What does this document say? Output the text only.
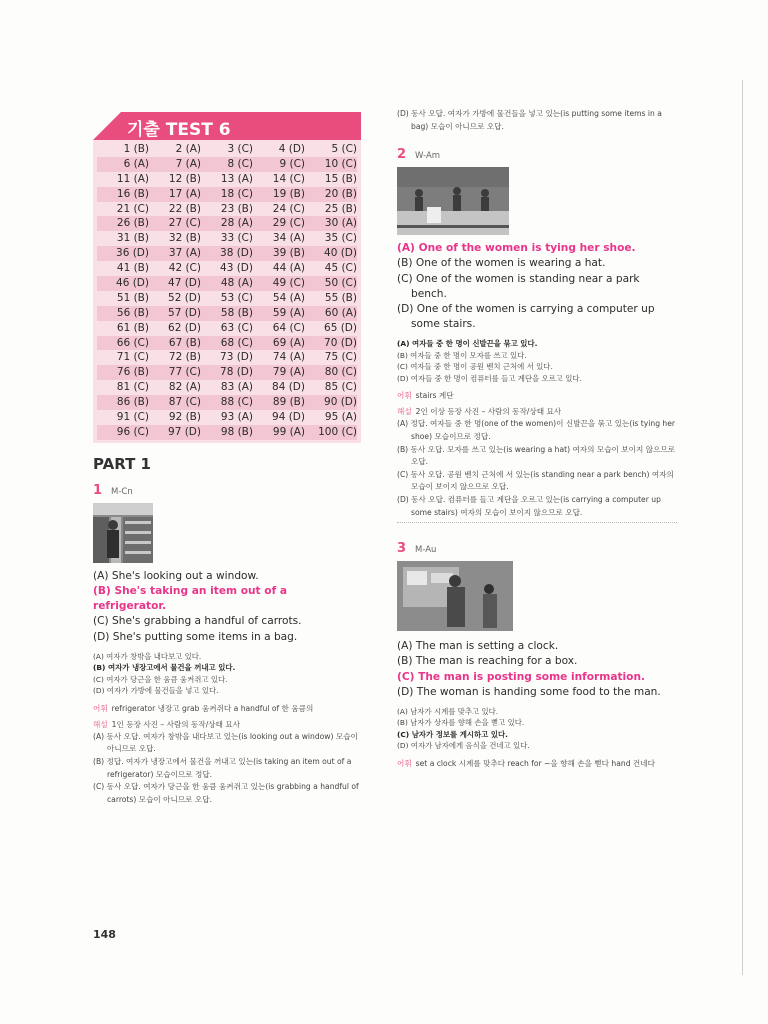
기출 TEST 6
1 (B)	2 (A)	3 (C)	4 (D)	5 (C)
6 (A)	7 (A)	8 (C)	9 (C)	10 (C)
11 (A)	12 (B)	13 (A)	14 (C)	15 (B)
16 (B)	17 (A)	18 (C)	19 (B)	20 (B)
21 (C)	22 (B)	23 (B)	24 (C)	25 (B)
26 (B)	27 (C)	28 (A)	29 (C)	30 (A)
31 (B)	32 (B)	33 (C)	34 (A)	35 (C)
36 (D)	37 (A)	38 (D)	39 (B)	40 (D)
41 (B)	42 (C)	43 (D)	44 (A)	45 (C)
46 (D)	47 (D)	48 (A)	49 (C)	50 (C)
51 (B)	52 (D)	53 (C)	54 (A)	55 (B)
56 (B)	57 (D)	58 (B)	59 (A)	60 (A)
61 (B)	62 (D)	63 (C)	64 (C)	65 (D)
66 (C)	67 (B)	68 (C)	69 (A)	70 (D)
71 (C)	72 (B)	73 (D)	74 (A)	75 (C)
76 (B)	77 (C)	78 (D)	79 (A)	80 (C)
81 (C)	82 (A)	83 (A)	84 (D)	85 (C)
86 (B)	87 (C)	88 (C)	89 (B)	90 (D)
91 (C)	92 (B)	93 (A)	94 (D)	95 (A)
96 (C)	97 (D)	98 (B)	99 (A)	100 (C)
PART 1
1	M-Cn
(A) She's looking out a window.
(B) She's taking an item out of a refrigerator.
(C) She's grabbing a handful of carrots.
(D) She's putting some items in a bag.
(A) 여자가 창밖을 내다보고 있다.
(B) 여자가 냉장고에서 물건을 꺼내고 있다.
(C) 여자가 당근을 한 움큼 움켜쥐고 있다.
(D) 여자가 가방에 물건들을 넣고 있다.
어휘 refrigerator 냉장고 grab 움켜쥐다 a handful of 한 움큼의
해설 1인 등장 사진 – 사람의 동작/상태 묘사
(A) 동사 오답. 여자가 창밖을 내다보고 있는(is looking out a window) 모습이 아니므로 오답.
(B) 정답. 여자가 냉장고에서 물건을 꺼내고 있는(is taking an item out of a refrigerator) 모습이므로 정답.
(C) 동사 오답. 여자가 당근을 한 움큼 움켜쥐고 있는(is grabbing a handful of carrots) 모습이 아니므로 오답.
(D) 동사 오답. 여자가 가방에 물건들을 넣고 있는(is putting some items in a bag) 모습이 아니므로 오답.
2	W-Am
(A) One of the women is tying her shoe.
(B) One of the women is wearing a hat.
(C) One of the women is standing near a park
bench.
(D) One of the women is carrying a computer up
some stairs.
(A) 여자들 중 한 명이 신발끈을 묶고 있다.
(B) 여자들 중 한 명이 모자를 쓰고 있다.
(C) 여자들 중 한 명이 공원 벤치 근처에 서 있다.
(D) 여자들 중 한 명이 컴퓨터를 들고 계단을 오르고 있다.
어휘 stairs 계단
해설 2인 이상 등장 사진 – 사람의 동작/상태 묘사
(A) 정답. 여자들 중 한 명(one of the women)이 신발끈을 묶고 있는(is tying her shoe) 모습이므로 정답.
(B) 동사 오답. 모자를 쓰고 있는(is wearing a hat) 여자의 모습이 보이지 않으므로 오답.
(C) 동사 오답. 공원 벤치 근처에 서 있는(is standing near a park bench) 여자의 모습이 보이지 않으므로 오답.
(D) 동사 오답. 컴퓨터를 들고 계단을 오르고 있는(is carrying a computer up some stairs) 여자의 모습이 보이지 않으므로 오답.
3	M-Au
(A) The man is setting a clock.
(B) The man is reaching for a box.
(C) The man is posting some information.
(D) The woman is handing some food to the man.
(A) 남자가 시계를 맞추고 있다.
(B) 남자가 상자를 향해 손을 뻗고 있다.
(C) 남자가 정보를 게시하고 있다.
(D) 여자가 남자에게 음식을 건네고 있다.
어휘 set a clock 시계를 맞추다 reach for ~을 향해 손을 뻗다 hand 건네다
148
